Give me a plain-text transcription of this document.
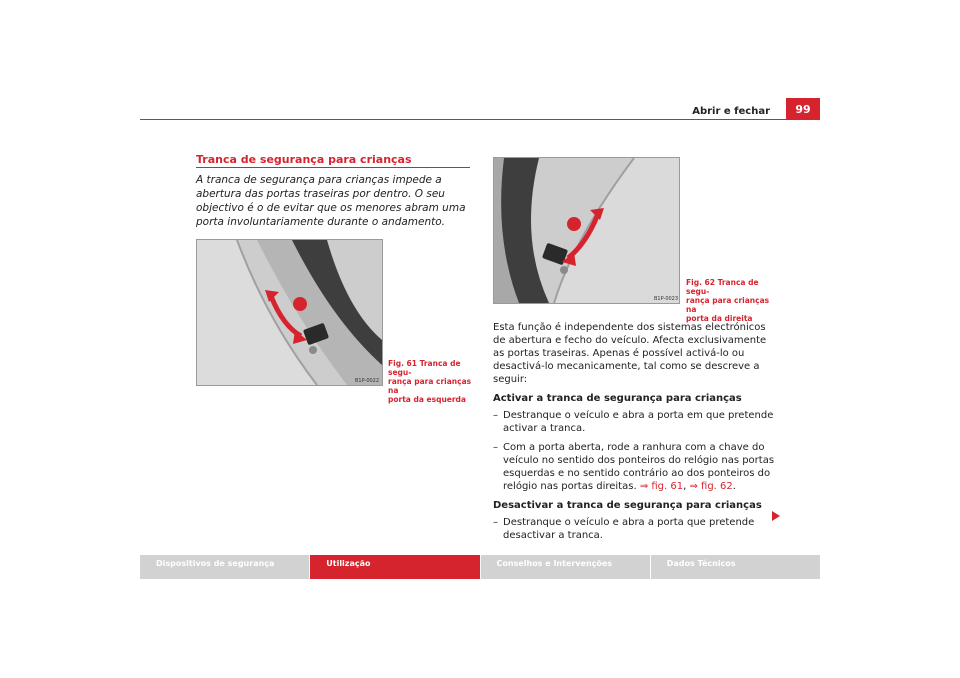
Abrir e fechar	99
Tranca de segurança para crianças
A tranca de segurança para crianças impede a abertura das portas traseiras por dentro. O seu objectivo é o de evitar que os menores abram uma porta involuntariamente durante o andamento.
B1P-0022
Fig. 61 Tranca de segu-
rança para crianças na
porta da esquerda
B1P-0023
Fig. 62 Tranca de segu-
rança para crianças na
porta da direita

Esta função é independente dos sistemas electrónicos de abertura e fecho do veículo. Afecta exclusivamente as portas traseiras. Apenas é possível activá-lo ou desactivá-lo mecanicamente, tal como se descreve a seguir:

Activar a tranca de segurança para crianças
– Destranque o veículo e abra a porta em que pretende activar a tranca.
– Com a porta aberta, rode a ranhura com a chave do veículo no sentido dos ponteiros do relógio nas portas esquerdas e no sentido contrário ao dos ponteiros do relógio nas portas direitas. ⇒ fig. 61, ⇒ fig. 62.
Desactivar a tranca de segurança para crianças
– Destranque o veículo e abra a porta que pretende desactivar a tranca.
Dispositivos de segurança	Utilização	Conselhos e Intervenções	Dados Técnicos
